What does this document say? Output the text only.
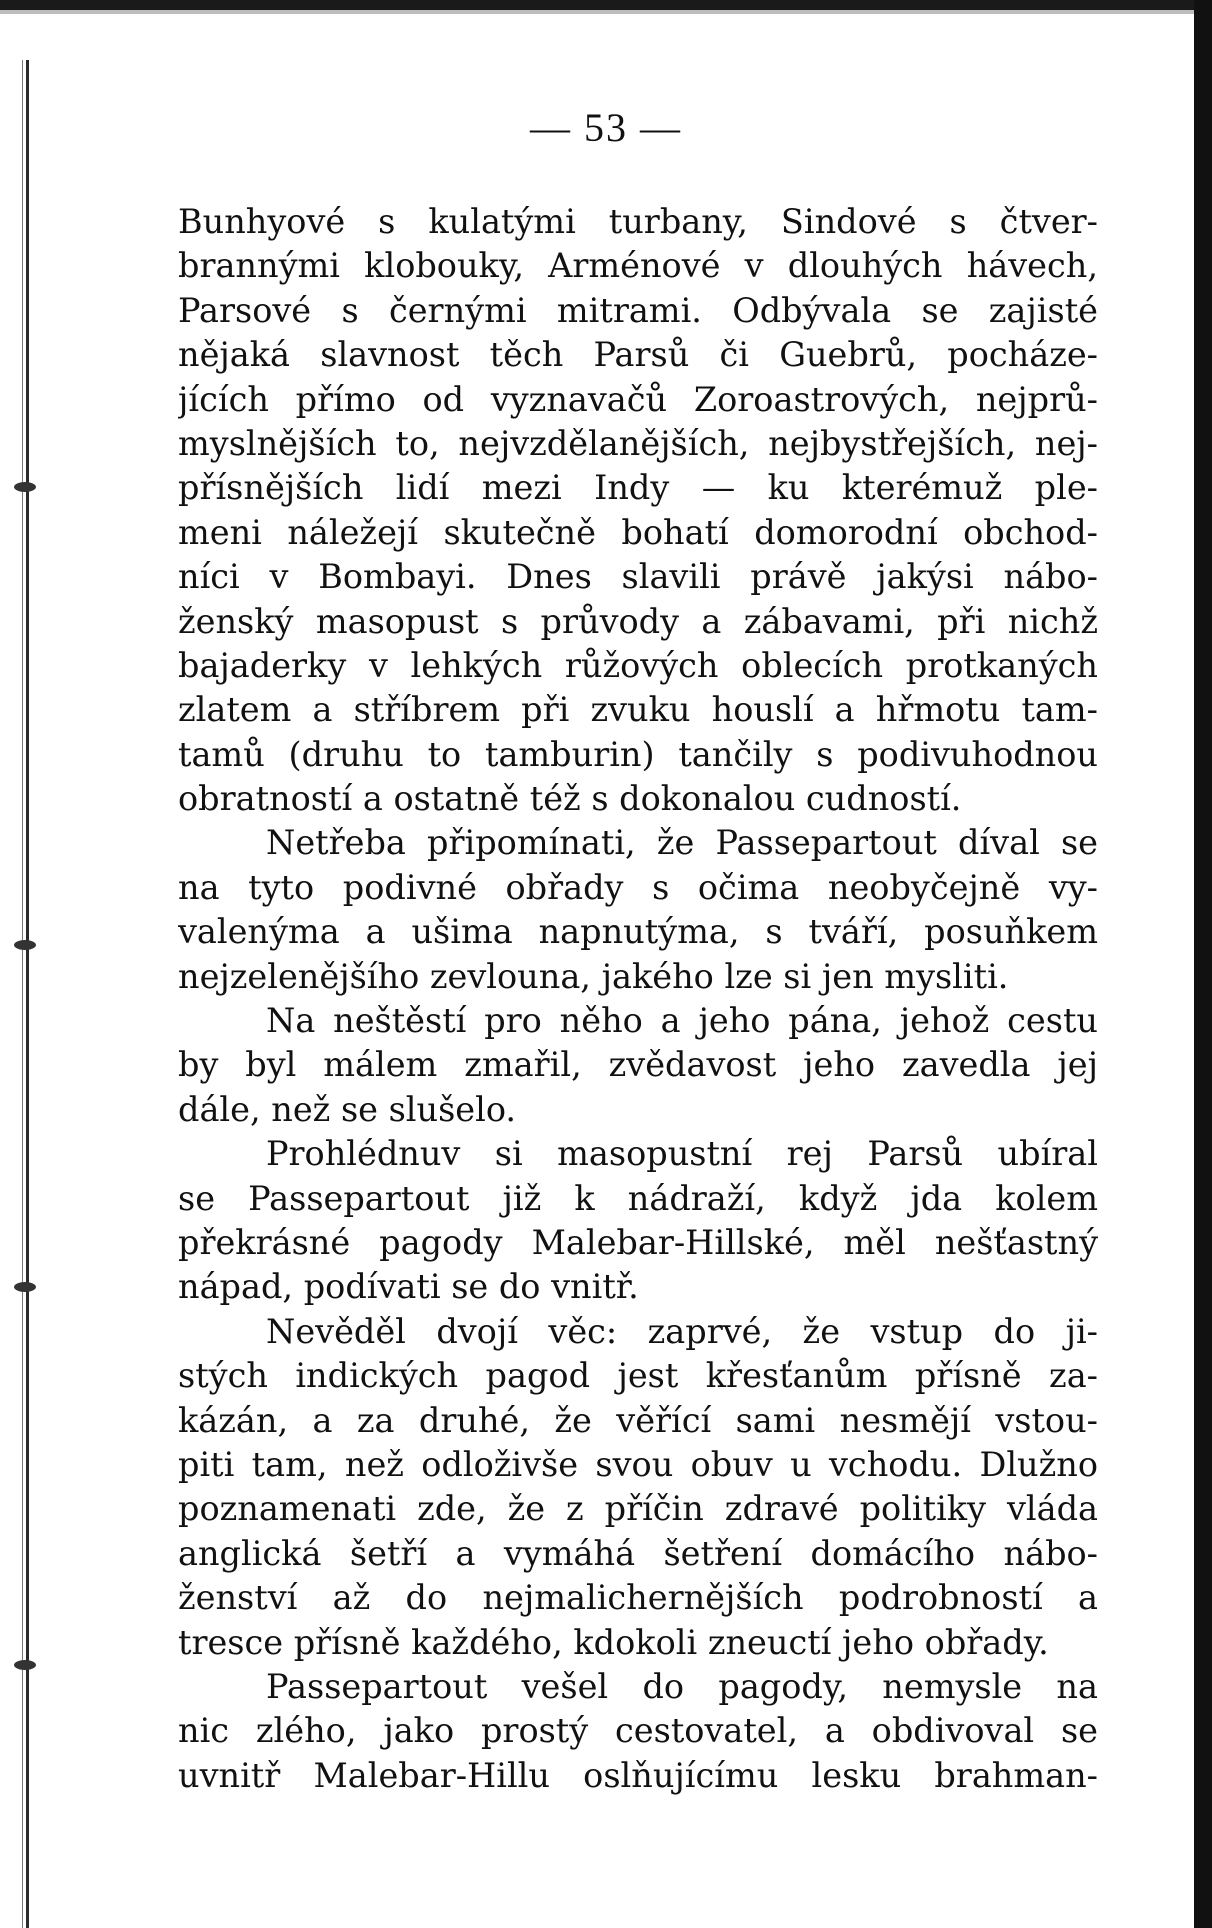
— 53 —
Bunhyové s kulatými turbany, Sindové s čtver-
brannými klobouky, Arménové v dlouhých hávech,
Parsové s černými mitrami. Odbývala se zajisté
nějaká slavnost těch Parsů či Guebrů, pocháze-
jících přímo od vyznavačů Zoroastrových, nejprů-
myslnějších to, nejvzdělanějších, nejbystřejších, nej-
přísnějších lidí mezi Indy — ku kterémuž ple-
meni náležejí skutečně bohatí domorodní obchod-
níci v Bombayi. Dnes slavili právě jakýsi nábo-
ženský masopust s průvody a zábavami, při nichž
bajaderky v lehkých růžových oblecích protkaných
zlatem a stříbrem při zvuku houslí a hřmotu tam-
tamů (druhu to tamburin) tančily s podivuhodnou
obratností a ostatně též s dokonalou cudností.
Netřeba připomínati, že Passepartout díval se
na tyto podivné obřady s očima neobyčejně vy-
valenýma a ušima napnutýma, s tváří, posuňkem
nejzelenějšího zevlouna, jakého lze si jen mysliti.
Na neštěstí pro něho a jeho pána, jehož cestu
by byl málem zmařil, zvědavost jeho zavedla jej
dále, než se slušelo.
Prohlédnuv si masopustní rej Parsů ubíral
se Passepartout již k nádraží, když jda kolem
překrásné pagody Malebar-Hillské, měl nešťastný
nápad, podívati se do vnitř.
Nevěděl dvojí věc: zaprvé, že vstup do ji-
stých indických pagod jest křesťanům přísně za-
kázán, a za druhé, že věřící sami nesmějí vstou-
piti tam, než odloživše svou obuv u vchodu. Dlužno
poznamenati zde, že z příčin zdravé politiky vláda
anglická šetří a vymáhá šetření domácího nábo-
ženství až do nejmalichernějších podrobností a
tresce přísně každého, kdokoli zneuctí jeho obřady.
Passepartout vešel do pagody, nemysle na
nic zlého, jako prostý cestovatel, a obdivoval se
uvnitř Malebar-Hillu oslňujícímu lesku brahman-
